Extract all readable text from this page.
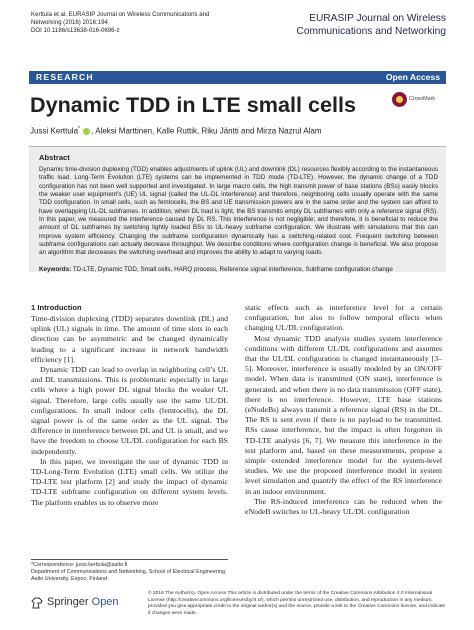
Kerttula et al. EURASIP Journal on Wireless Communications and
Networking (2016) 2016:194
DOI 10.1186/s13638-016-0696-z
EURASIP Journal on Wireless
Communications and Networking
RESEARCH	Open Access
Dynamic TDD in LTE small cells	CrossMark
Jussi Kerttula* , Aleksi Marttinen, Kalle Ruttik, Riku Jäntti and Mirza Nazrul Alam
Abstract

Dynamic time-division duplexing (TDD) enables adjustments of uplink (UL) and downlink (DL) resources flexibly according to the instantaneous traffic load. Long-Term Evolution (LTE) systems can be implemented in TDD mode (TD-LTE). However, the dynamic change of a TDD configuration has not been well supported and investigated. In large macro cells, the high transmit power of base stations (BSs) easily blocks the weaker user equipment’s (UE) UL signal (called the UL-DL interference) and therefore, neighboring cells usually operate with the same TDD configuration. In small cells, such as femtocells, the BS and UE transmission powers are in the same order and the system can afford to have overlapping UL-DL subframes. In addition, when DL load is light, the BS transmits empty DL subframes with only a reference signal (RS). In this paper, we measured the interference caused by DL RS. This interference is not negligible; and therefore, it is beneficial to reduce the amount of DL subframes by switching lightly loaded BSs to UL-heavy subframe configuration. We illustrate with simulations that this can improve system efficiency. Changing the subframe configuration dynamically has a switching-related cost. Frequent switching between subframe configurations can actually decrease throughput. We describe conditions where configuration change is beneficial. We also propose an algorithm that decreases the switching overhead and improves the ability to adapt to varying loads.

Keywords: TD-LTE, Dynamic TDD, Small cells, HARQ process, Reference signal interference, Subframe configuration change
1 Introduction

Time-division duplexing (TDD) separates downlink (DL) and uplink (UL) signals in time. The amount of time slots in each direction can be asymmetric and be changed dynamically leading to a significant increase in network bandwidth efficiency [1].

Dynamic TDD can lead to overlap in neighboring cell’s UL and DL transmissions. This is problematic especially in large cells where a high power DL signal blocks the weaker UL signal. Therefore, large cells usually use the same UL/DL configurations. In small indoor cells (femtocells), the DL signal power is of the same order as the UL signal. The difference in interference between DL and UL is small, and we have the freedom to choose UL/DL configuration for each BS independently.

In this paper, we investigate the use of dynamic TDD in TD-Long-Term Evolution (LTE) small cells. We utilize the TD-LTE test platform [2] and study the impact of dynamic TD-LTE subframe configuration on different system levels. The platform enables us to observe more

static effects such as interference level for a certain configuration, but also to follow temporal effects when changing UL/DL configuration.

Most dynamic TDD analysis studies system interference conditions with different UL/DL configurations and assumes that the UL/DL configuration is changed instantaneously [3–5]. Moreover, interference is usually modeled by an ON/OFF model. When data is transmitted (ON state), interference is generated, and when there is no data transmission (OFF state), there is no interference. However, LTE base stations (eNodeBs) always transmit a reference signal (RS) in the DL. The RS is sent even if there is no payload to be transmitted. RSs cause interference, but the impact is often forgotten in TD-LTE analysis [6, 7]. We measure this interference in the test platform and, based on these measurements, propose a simple extended interference model for the system-level studies. We use the proposed interference model in system level simulation and quantify the effect of the RS interference in an indoor environment.

The RS-induced interference can be reduced when the eNodeB switches to UL-heavy UL/DL configuration

*Correspondence: jussi.kerttula@aalto.fi
Department of Communications and Networking, School of Electrical Engineering, Aalto University, Espoo, Finland
Springer Open
© 2016 The Author(s). Open Access This article is distributed under the terms of the Creative Commons Attribution 4.0 International License (http://creativecommons.org/licenses/by/4.0/), which permits unrestricted use, distribution, and reproduction in any medium, provided you give appropriate credit to the original author(s) and the source, provide a link to the Creative Commons license, and indicate if changes were made.
